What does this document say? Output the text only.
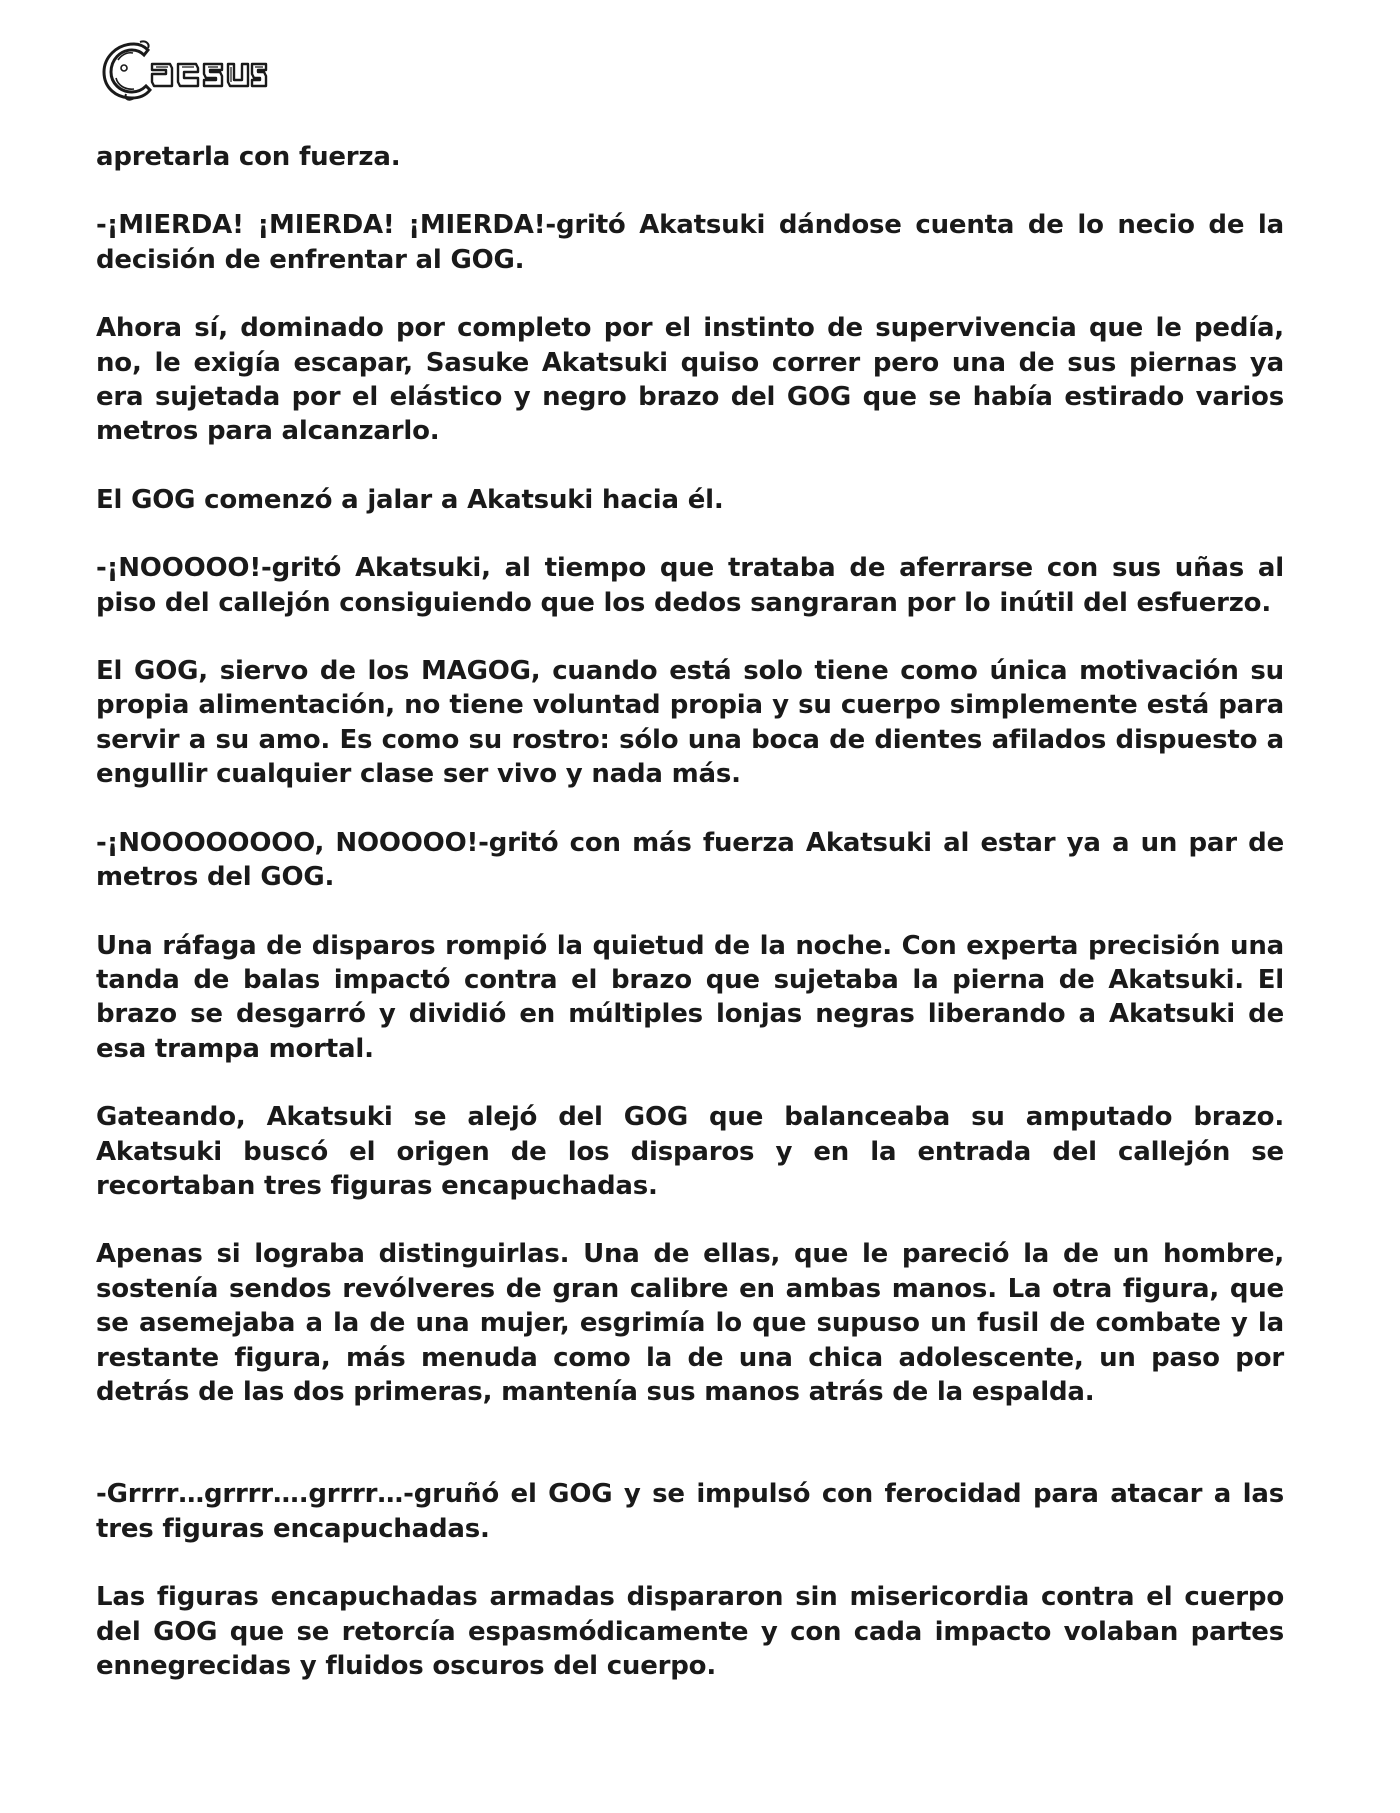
apretarla con fuerza.

-¡MIERDA! ¡MIERDA! ¡MIERDA!-gritó Akatsuki dándose cuenta de lo necio de la decisión de enfrentar al GOG.

Ahora sí, dominado por completo por el instinto de supervivencia que le pedía, no, le exigía escapar, Sasuke Akatsuki quiso correr pero una de sus piernas ya era sujetada por el elástico y negro brazo del GOG que se había estirado varios metros para alcanzarlo.

El GOG comenzó a jalar a Akatsuki hacia él.

-¡NOOOOO!-gritó Akatsuki, al tiempo que trataba de aferrarse con sus uñas al piso del callejón consiguiendo que los dedos sangraran por lo inútil del esfuerzo.

El GOG, siervo de los MAGOG, cuando está solo tiene como única motivación su propia alimentación, no tiene voluntad propia y su cuerpo simplemente está para servir a su amo. Es como su rostro: sólo una boca de dientes afilados dispuesto a engullir cualquier clase ser vivo y nada más.

-¡NOOOOOOOO, NOOOOO!-gritó con más fuerza Akatsuki al estar ya a un par de metros del GOG.

Una ráfaga de disparos rompió la quietud de la noche. Con experta precisión una tanda de balas impactó contra el brazo que sujetaba la pierna de Akatsuki. El brazo se desgarró y dividió en múltiples lonjas negras liberando a Akatsuki de esa trampa mortal.

Gateando, Akatsuki se alejó del GOG que balanceaba su amputado brazo. Akatsuki buscó el origen de los disparos y en la entrada del callejón se recortaban tres figuras encapuchadas.

Apenas si lograba distinguirlas. Una de ellas, que le pareció la de un hombre, sostenía sendos revólveres de gran calibre en ambas manos. La otra figura, que se asemejaba a la de una mujer, esgrimía lo que supuso un fusil de combate y la restante figura, más menuda como la de una chica adolescente, un paso por detrás de las dos primeras, mantenía sus manos atrás de la espalda.

-Grrrr…grrrr….grrrr…-gruñó el GOG y se impulsó con ferocidad para atacar a las tres figuras encapuchadas.

Las figuras encapuchadas armadas dispararon sin misericordia contra el cuerpo del GOG que se retorcía espasmódicamente y con cada impacto volaban partes ennegrecidas y fluidos oscuros del cuerpo.
